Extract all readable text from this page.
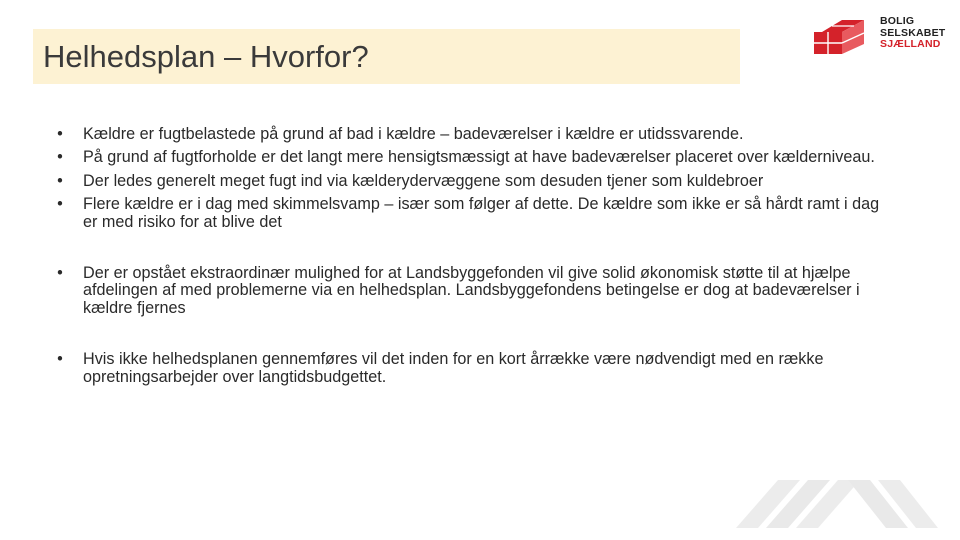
Helhedsplan – Hvorfor?
BOLIG
SELSKABET
SJÆLLAND
• Kældre er fugtbelastede på grund af bad i kældre – badeværelser i kældre er utidssvarende.
• På grund af fugtforholde er det langt mere hensigtsmæssigt at have badeværelser placeret over kælderniveau.
• Der ledes generelt meget fugt ind via kælderydervæggene som desuden tjener som kuldebroer
• Flere kældre er i dag med skimmelsvamp – især som følger af dette. De kældre som ikke er så hårdt ramt i dag er med risiko for at blive det
• Der er opstået ekstraordinær mulighed for at Landsbyggefonden vil give solid økonomisk støtte til at hjælpe afdelingen af med problemerne via en helhedsplan. Landsbyggefondens betingelse er dog at badeværelser i kældre fjernes
• Hvis ikke helhedsplanen gennemføres vil det inden for en kort årrække være nødvendigt med en række opretningsarbejder over langtidsbudgettet.
